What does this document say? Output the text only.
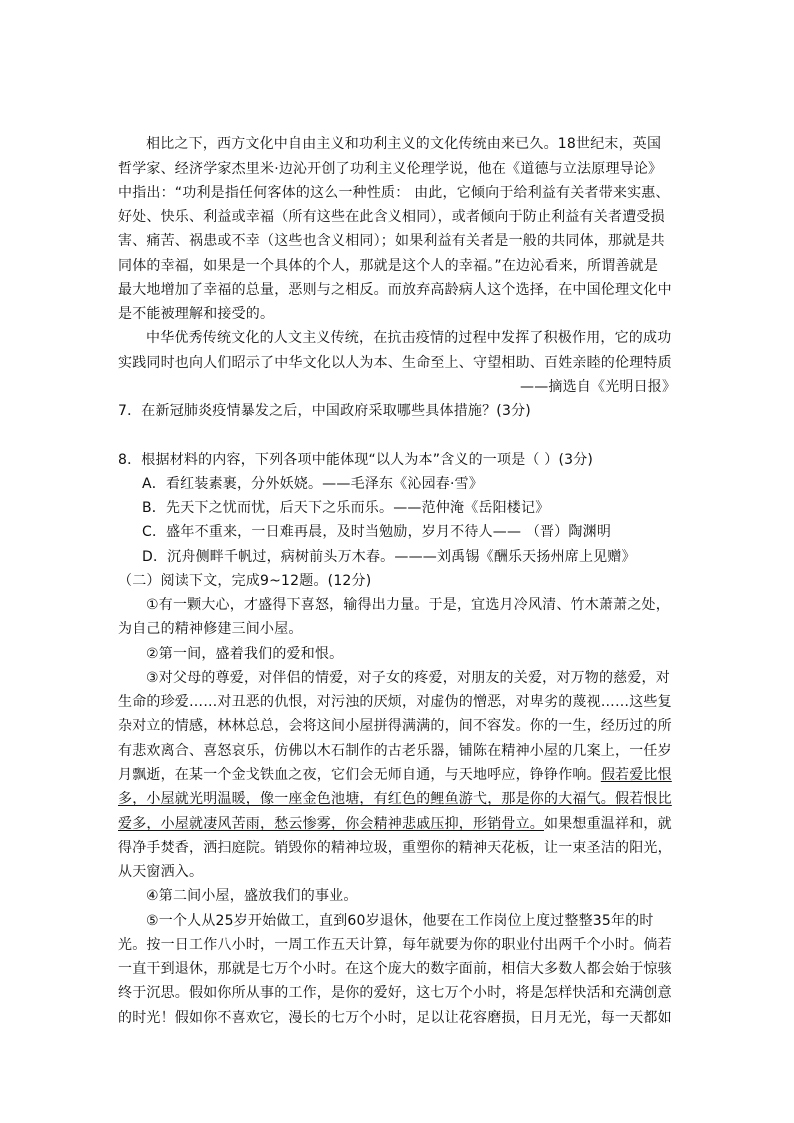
相比之下，西方文化中自由主义和功利主义的文化传统由来已久。18世纪末，英国
哲学家、经济学家杰里米·边沁开创了功利主义伦理学说，他在《道德与立法原理导论》
中指出：“功利是指任何客体的这么一种性质： 由此，它倾向于给利益有关者带来实惠、
好处、快乐、利益或幸福（所有这些在此含义相同），或者倾向于防止利益有关者遭受损
害、痛苦、祸患或不幸（这些也含义相同）；如果利益有关者是一般的共同体，那就是共
同体的幸福，如果是一个具体的个人，那就是这个人的幸福。”在边沁看来，所谓善就是
最大地增加了幸福的总量，恶则与之相反。而放弃高龄病人这个选择，在中国伦理文化中
是不能被理解和接受的。
中华优秀传统文化的人文主义传统，在抗击疫情的过程中发挥了积极作用，它的成功
实践同时也向人们昭示了中华文化以人为本、生命至上、守望相助、百姓亲睦的伦理特质
——摘选自《光明日报》
7．在新冠肺炎疫情暴发之后，中国政府采取哪些具体措施？(3分)
8．根据材料的内容，下列各项中能体现“以人为本”含义的一项是（ ）(3分)
A．看红装素裹，分外妖娆。——毛泽东《沁园春·雪》
B．先天下之忧而忧，后天下之乐而乐。——范仲淹《岳阳楼记》
C．盛年不重来，一日难再晨，及时当勉励，岁月不待人—— （晋）陶渊明
D．沉舟侧畔千帆过，病树前头万木春。———刘禹锡《酬乐天扬州席上见赠》
（二）阅读下文，完成9~12题。(12分)
①有一颗大心，才盛得下喜怒，输得出力量。于是，宜选月冷风清、竹木萧萧之处，
为自己的精神修建三间小屋。
②第一间，盛着我们的爱和恨。
③对父母的尊爱，对伴侣的情爱，对子女的疼爱，对朋友的关爱，对万物的慈爱，对
生命的珍爱……对丑恶的仇恨，对污浊的厌烦，对虚伪的憎恶，对卑劣的蔑视……这些复
杂对立的情感，林林总总，会将这间小屋拼得满满的，间不容发。你的一生，经历过的所
有悲欢离合、喜怒哀乐，仿佛以木石制作的古老乐器，铺陈在精神小屋的几案上，一任岁
月飘逝，在某一个金戈铁血之夜，它们会无师自通，与天地呼应，铮铮作响。假若爱比恨
多，小屋就光明温暖，像一座金色池塘，有红色的鲤鱼游弋，那是你的大福气。假若恨比
爱多，小屋就凄风苦雨，愁云惨雾，你会精神悲戚压抑，形销骨立。如果想重温祥和，就
得净手焚香，洒扫庭院。销毁你的精神垃圾，重塑你的精神天花板，让一束圣洁的阳光，
从天窗洒入。
④第二间小屋，盛放我们的事业。
⑤一个人从25岁开始做工，直到60岁退休，他要在工作岗位上度过整整35年的时
光。按一日工作八小时，一周工作五天计算，每年就要为你的职业付出两千个小时。倘若
一直干到退休，那就是七万个小时。在这个庞大的数字面前，相信大多数人都会始于惊骇
终于沉思。假如你所从事的工作，是你的爱好，这七万个小时，将是怎样快活和充满创意
的时光！假如你不喜欢它，漫长的七万个小时，足以让花容磨损，日月无光，每一天都如
